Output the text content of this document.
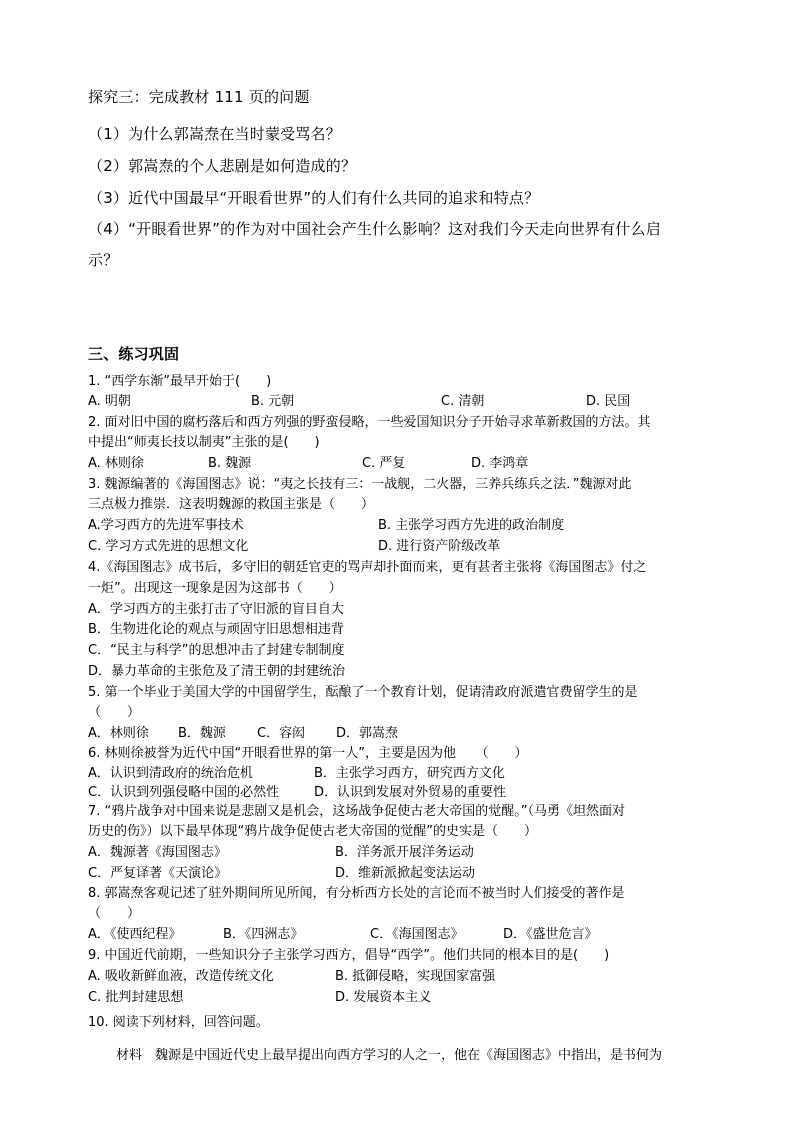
探究三：完成教材 111 页的问题
（1）为什么郭嵩焘在当时蒙受骂名？
（2）郭嵩焘的个人悲剧是如何造成的？
（3）近代中国最早“开眼看世界”的人们有什么共同的追求和特点？
（4）“开眼看世界”的作为对中国社会产生什么影响？这对我们今天走向世界有什么启
示？
三、练习巩固
1. “西学东渐”最早开始于(　　)
A. 明朝	B. 元朝	C. 清朝	D. 民国
2. 面对旧中国的腐朽落后和西方列强的野蛮侵略，一些爱国知识分子开始寻求革新救国的方法。其
中提出“师夷长技以制夷”主张的是(　　)
A. 林则徐	B. 魏源	C. 严复	D. 李鸿章
3. 魏源编著的《海国图志》说：“夷之长技有三：一战舰，二火器，三养兵练兵之法．”魏源对此
三点极力推崇．这表明魏源的救国主张是（　　）
A.学习西方的先进军事技术	B. 主张学习西方先进的政治制度
C. 学习方式先进的思想文化	D. 进行资产阶级改革
4.《海国图志》成书后，多守旧的朝廷官吏的骂声却扑面而来，更有甚者主张将《海国图志》付之
一炬”。出现这一现象是因为这部书（　　）
A．学习西方的主张打击了守旧派的盲目自大
B．生物进化论的观点与顽固守旧思想相违背
C．“民主与科学”的思想冲击了封建专制制度
D．暴力革命的主张危及了清王朝的封建统治
5. 第一个毕业于美国大学的中国留学生，酝酿了一个教育计划，促请清政府派遣官费留学生的是
（　　）
A．林则徐 B．魏源 C．容闳 D．郭嵩焘
6. 林则徐被誉为近代中国“开眼看世界的第一人”，主要是因为他　　（　　）
A．认识到清政府的统治危机	B．主张学习西方，研究西方文化
C．认识到列强侵略中国的必然性	D．认识到发展对外贸易的重要性
7. “鸦片战争对中国来说是悲剧又是机会，这场战争促使古老大帝国的觉醒。”（马勇《坦然面对
历史的伤》）以下最早体现“鸦片战争促使古老大帝国的觉醒”的史实是（　　）
A．魏源著《海国图志》	B．洋务派开展洋务运动
C．严复译著《天演论》	D．维新派掀起变法运动
8. 郭嵩焘客观记述了驻外期间所见所闻，有分析西方长处的言论而不被当时人们接受的著作是
（　　）
A．《使西纪程》	B．《四洲志》	C．《海国图志》	D．《盛世危言》
9. 中国近代前期，一些知识分子主张学习西方，倡导“西学”。他们共同的根本目的是(　　)
A. 吸收新鲜血液，改造传统文化	B. 抵御侵略，实现国家富强
C. 批判封建思想	D. 发展资本主义
10. 阅读下列材料，回答问题。
材料　魏源是中国近代史上最早提出向西方学习的人之一，他在《海国图志》中指出，是书何为
